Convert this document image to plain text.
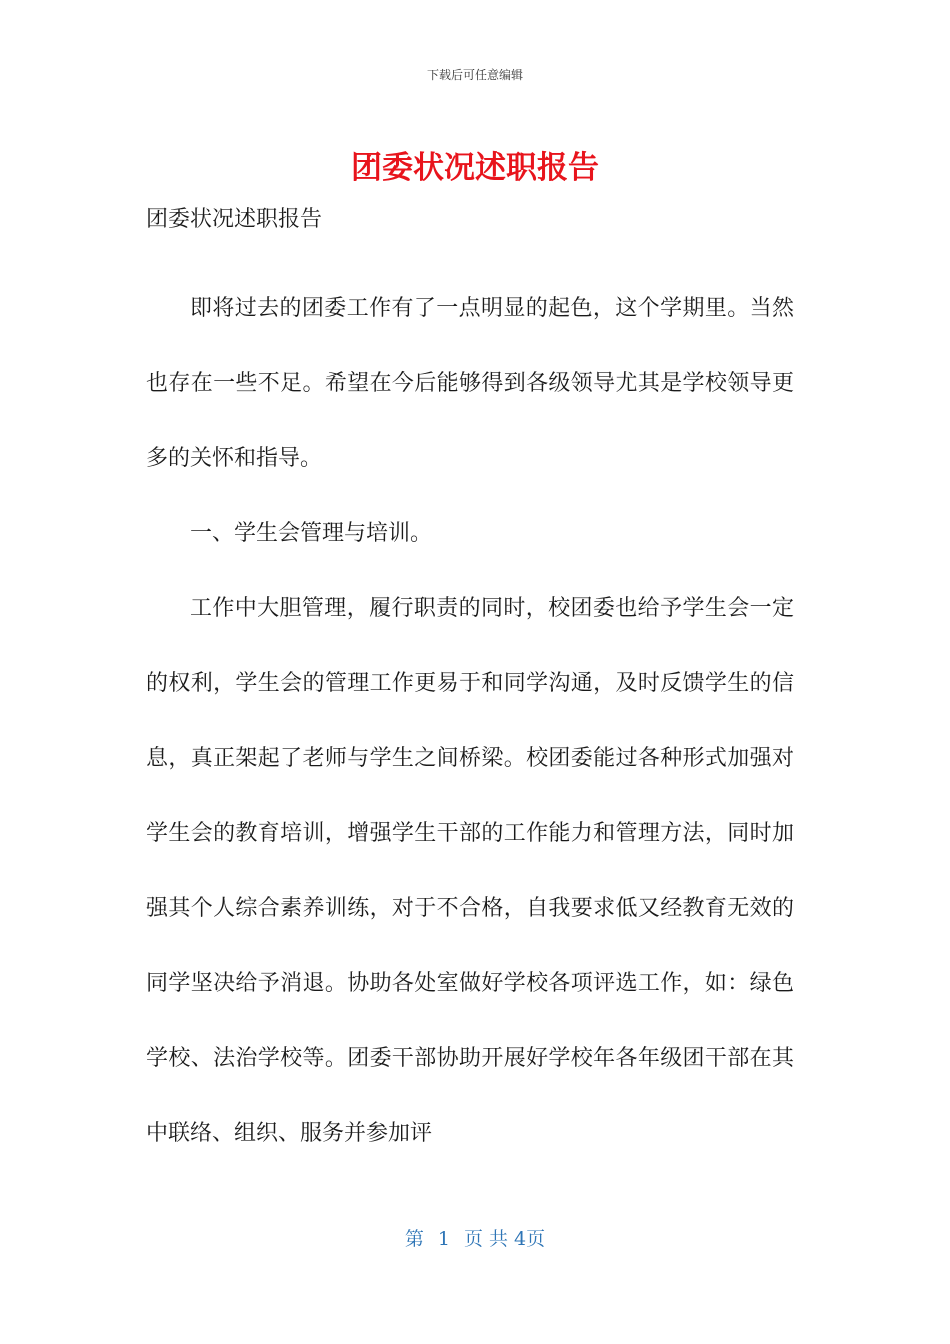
下载后可任意编辑
团委状况述职报告

团委状况述职报告

即将过去的团委工作有了一点明显的起色，这个学期里。当然也存在一些不足。希望在今后能够得到各级领导尤其是学校领导更多的关怀和指导。

一、学生会管理与培训。

工作中大胆管理，履行职责的同时，校团委也给予学生会一定的权利，学生会的管理工作更易于和同学沟通，及时反馈学生的信息，真正架起了老师与学生之间桥梁。校团委能过各种形式加强对学生会的教育培训，增强学生干部的工作能力和管理方法，同时加强其个人综合素养训练，对于不合格，自我要求低又经教育无效的同学坚决给予消退。协助各处室做好学校各项评选工作，如：绿色学校、法治学校等。团委干部协助开展好学校年各年级团干部在其中联络、组织、服务并参加评

第 1 页 共 4页
